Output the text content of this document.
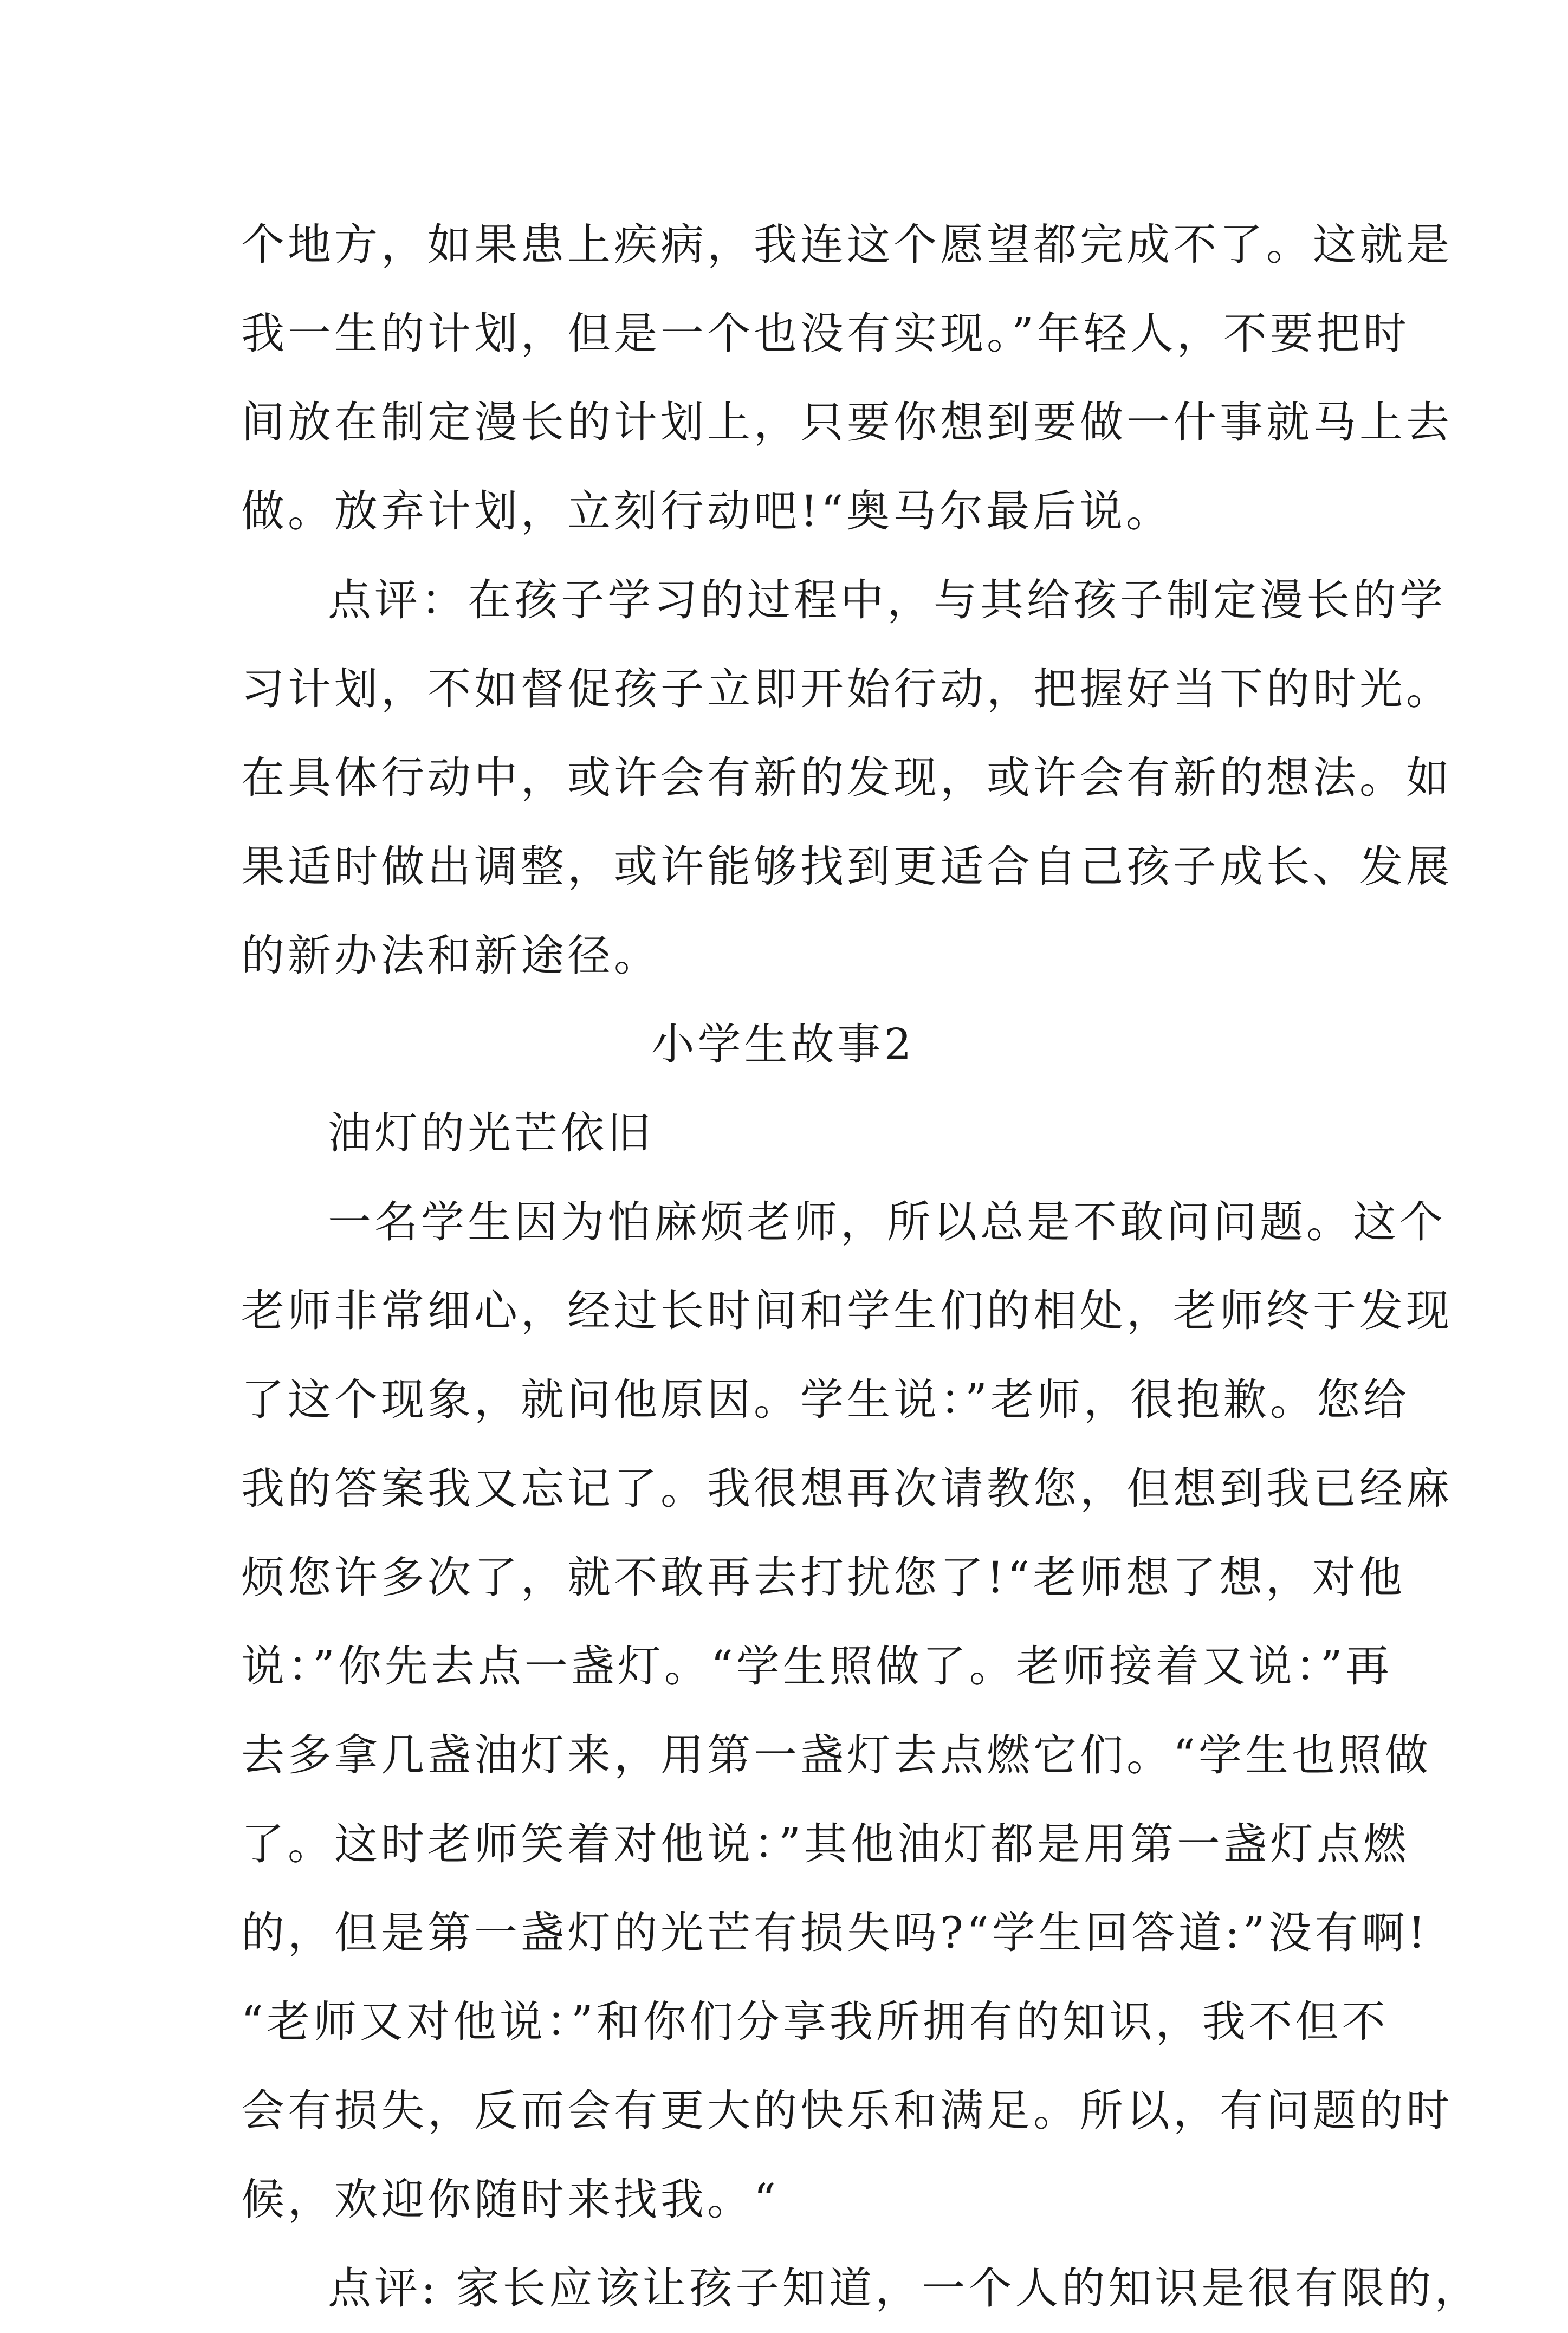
个地方，如果患上疾病，我连这个愿望都完成不了。这就是
我一生的计划，但是一个也没有实现。”年轻人，不要把时
间放在制定漫长的计划上，只要你想到要做一什事就马上去
做。放弃计划，立刻行动吧!“奥马尔最后说。
点评：在孩子学习的过程中，与其给孩子制定漫长的学
习计划，不如督促孩子立即开始行动，把握好当下的时光。
在具体行动中，或许会有新的发现，或许会有新的想法。如
果适时做出调整，或许能够找到更适合自己孩子成长、发展
的新办法和新途径。
小学生故事2
油灯的光芒依旧
一名学生因为怕麻烦老师，所以总是不敢问问题。这个
老师非常细心，经过长时间和学生们的相处，老师终于发现
了这个现象，就问他原因。学生说：”老师，很抱歉。您给
我的答案我又忘记了。我很想再次请教您，但想到我已经麻
烦您许多次了，就不敢再去打扰您了!“老师想了想，对他
说：”你先去点一盏灯。“学生照做了。老师接着又说：”再
去多拿几盏油灯来，用第一盏灯去点燃它们。“学生也照做
了。这时老师笑着对他说：”其他油灯都是用第一盏灯点燃
的，但是第一盏灯的光芒有损失吗?“学生回答道:”没有啊!
“老师又对他说：”和你们分享我所拥有的知识，我不但不
会有损失，反而会有更大的快乐和满足。所以，有问题的时
候，欢迎你随时来找我。“
点评: 家长应该让孩子知道，一个人的知识是很有限的，
